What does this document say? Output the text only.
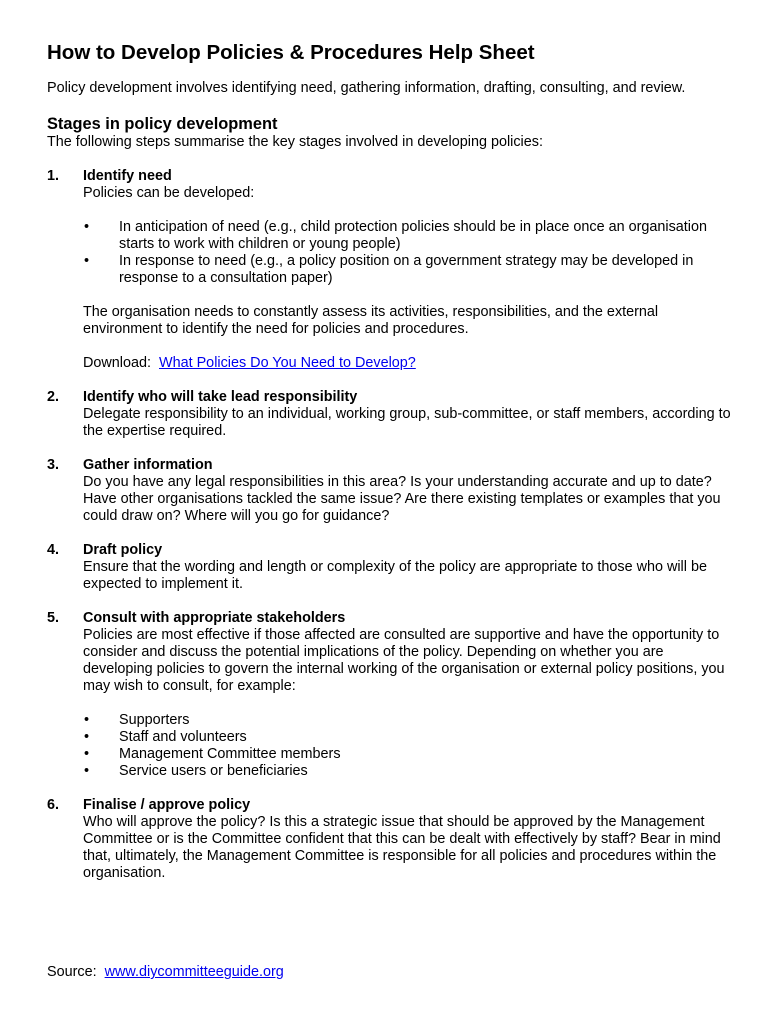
How to Develop Policies & Procedures Help Sheet

Policy development involves identifying need, gathering information, drafting, consulting, and review.

Stages in policy development

The following steps summarise the key stages involved in developing policies:

1. Identify need

Policies can be developed:

• In anticipation of need (e.g., child protection policies should be in place once an organisation starts to work with children or young people)
• In response to need (e.g., a policy position on a government strategy may be developed in response to a consultation paper)

The organisation needs to constantly assess its activities, responsibilities, and the external environment to identify the need for policies and procedures.

Download: What Policies Do You Need to Develop?

2. Identify who will take lead responsibility

Delegate responsibility to an individual, working group, sub-committee, or staff members, according to the expertise required.

3. Gather information

Do you have any legal responsibilities in this area? Is your understanding accurate and up to date? Have other organisations tackled the same issue? Are there existing templates or examples that you could draw on? Where will you go for guidance?

4. Draft policy

Ensure that the wording and length or complexity of the policy are appropriate to those who will be expected to implement it.

5. Consult with appropriate stakeholders

Policies are most effective if those affected are consulted are supportive and have the opportunity to consider and discuss the potential implications of the policy. Depending on whether you are developing policies to govern the internal working of the organisation or external policy positions, you may wish to consult, for example:

• Supporters
• Staff and volunteers
• Management Committee members
• Service users or beneficiaries
6. Finalise / approve policy

Who will approve the policy? Is this a strategic issue that should be approved by the Management Committee or is the Committee confident that this can be dealt with effectively by staff? Bear in mind that, ultimately, the Management Committee is responsible for all policies and procedures within the organisation.

Source: www.diycommitteeguide.org
